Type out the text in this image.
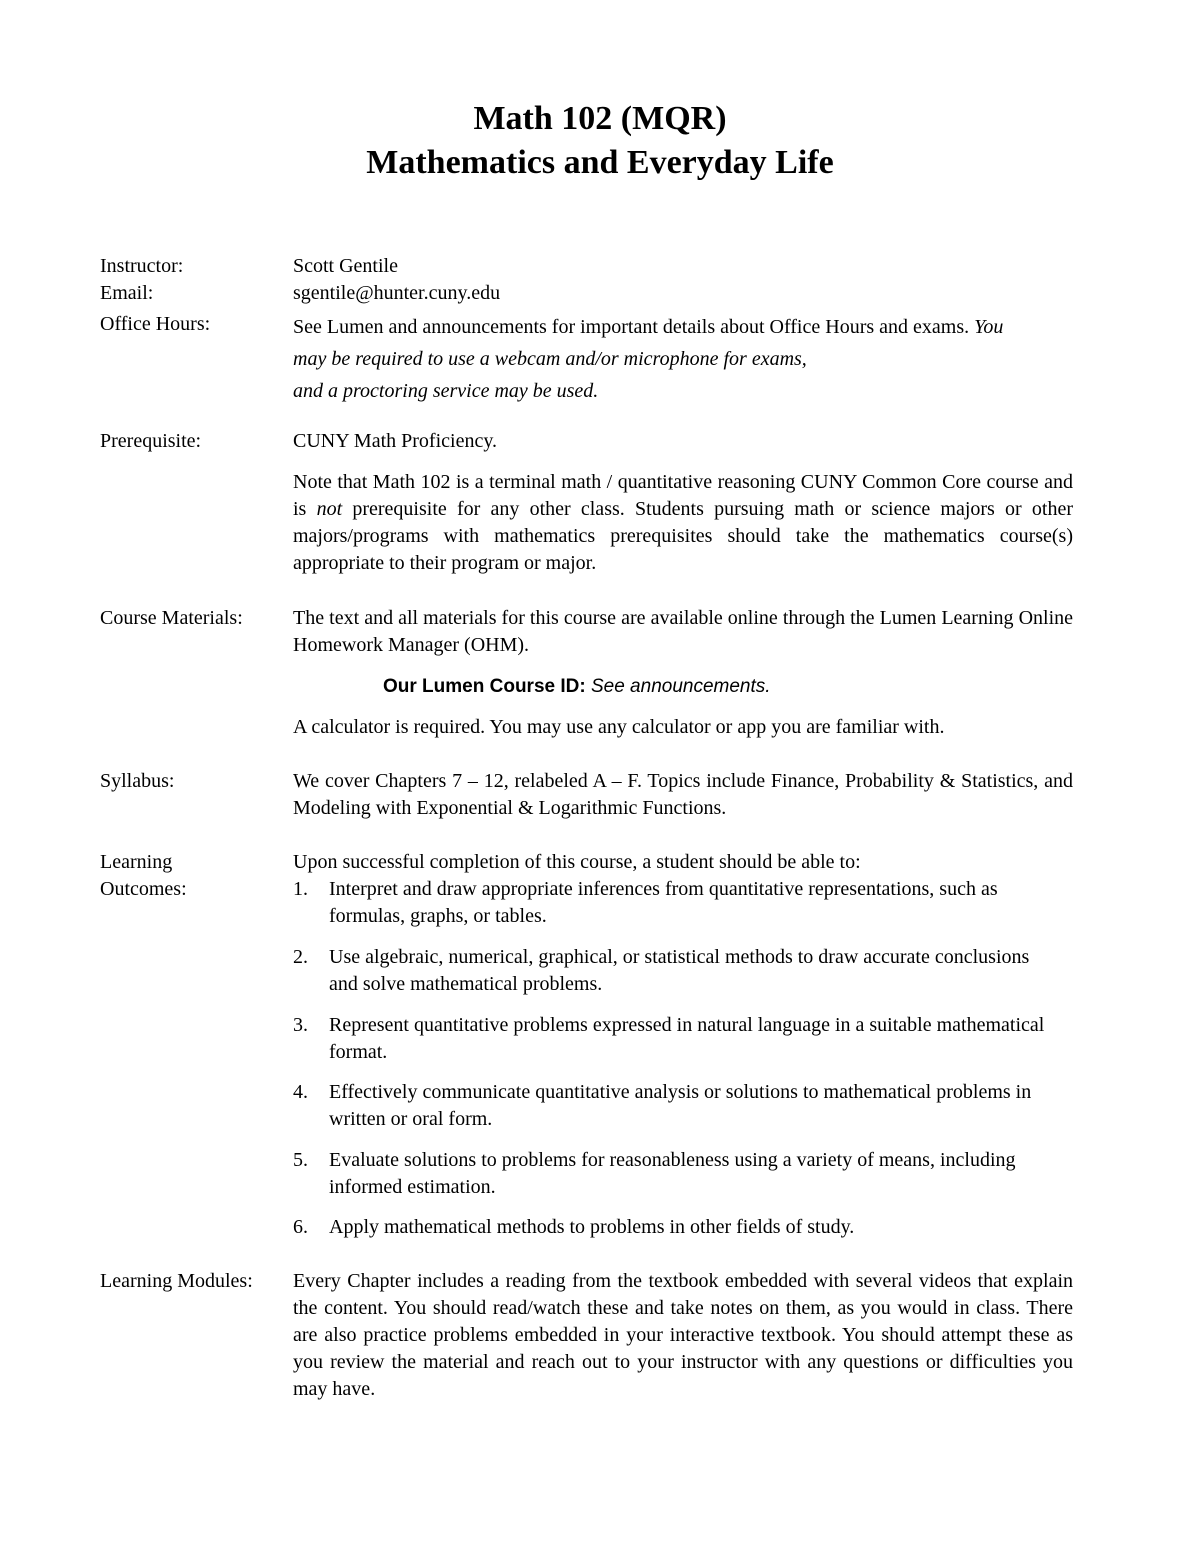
Math 102 (MQR)
Mathematics and Everyday Life
Instructor:	Scott Gentile
Email:	sgentile@hunter.cuny.edu
Office Hours:	See Lumen and announcements for important details about Office Hours and exams. You may be required to use a webcam and/or microphone for exams,
and a proctoring service may be used.
Prerequisite:	CUNY Math Proficiency.
Note that Math 102 is a terminal math / quantitative reasoning CUNY Common Core course and is not prerequisite for any other class. Students pursuing math or science majors or other majors/programs with mathematics prerequisites should take the mathematics course(s) appropriate to their program or major.
Course Materials:	The text and all materials for this course are available online through the Lumen Learning Online Homework Manager (OHM).
Our Lumen Course ID: See announcements.
A calculator is required. You may use any calculator or app you are familiar with.
Syllabus:	We cover Chapters 7 – 12, relabeled A – F. Topics include Finance, Probability & Statistics, and Modeling with Exponential & Logarithmic Functions.
Learning
Outcomes:
Upon successful completion of this course, a student should be able to:
1.	Interpret and draw appropriate inferences from quantitative representations, such as formulas, graphs, or tables.
2.	Use algebraic, numerical, graphical, or statistical methods to draw accurate conclusions and solve mathematical problems.
3.	Represent quantitative problems expressed in natural language in a suitable mathematical format.
4.	Effectively communicate quantitative analysis or solutions to mathematical problems in written or oral form.
5.	Evaluate solutions to problems for reasonableness using a variety of means, including informed estimation.
6.	Apply mathematical methods to problems in other fields of study.
Learning Modules:	Every Chapter includes a reading from the textbook embedded with several videos that explain the content. You should read/watch these and take notes on them, as you would in class. There are also practice problems embedded in your interactive textbook. You should attempt these as you review the material and reach out to your instructor with any questions or difficulties you may have.
